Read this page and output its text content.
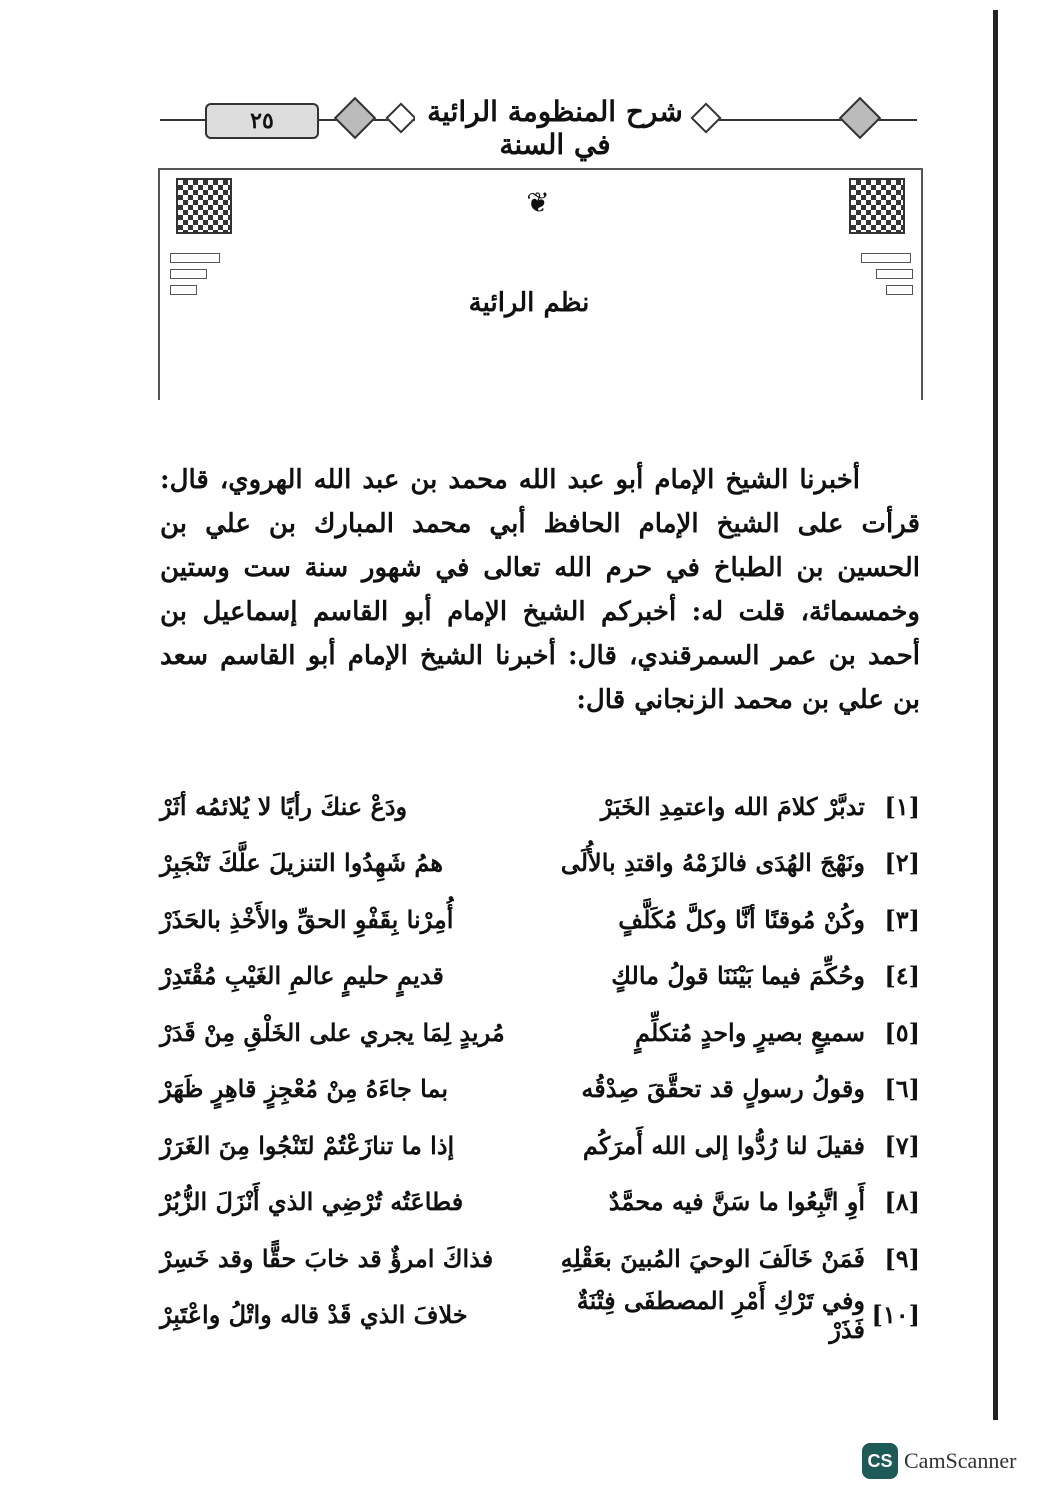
٢٥	شرح المنظومة الرائية في السنة
❦
نظم الرائية

أخبرنا الشيخ الإمام أبو عبد الله محمد بن عبد الله الهروي، قال: قرأت على الشيخ الإمام الحافظ أبي محمد المبارك بن علي بن الحسين بن الطباخ في حرم الله تعالى في شهور سنة ست وستين وخمسمائة، قلت له: أخبركم الشيخ الإمام أبو القاسم إسماعيل بن أحمد بن عمر السمرقندي، قال: أخبرنا الشيخ الإمام أبو القاسم سعد بن علي بن محمد الزنجاني قال:

[١]
تدبَّرْ كلامَ الله واعتمِدِ الخَبَرْ
ودَعْ عنكَ رأيًا لا يُلائمُه أثَرْ
[٢]
ونَهْجَ الهُدَى فالزَمْهُ واقتدِ بالأُلَى
همُ شَهِدُوا التنزيلَ علَّكَ تَنْجَبِرْ
[٣]
وكُنْ مُوقنًا أنَّا وكلَّ مُكَلَّفٍ
أُمِرْنا بِقَفْوِ الحقِّ والأَخْذِ بالحَذَرْ
[٤]
وحُكِّمَ فيما بَيْنَنَا قولُ مالكٍ
قديمٍ حليمٍ عالمِ الغَيْبِ مُقْتَدِرْ
[٥]
سميعٍ بصيرٍ واحدٍ مُتكلِّمٍ
مُريدٍ لِمَا يجري على الخَلْقِ مِنْ قَدَرْ
[٦]
وقولُ رسولٍ قد تحقَّقَ صِدْقُه
بما جاءَهُ مِنْ مُعْجِزٍ قاهِرٍ ظَهَرْ
[٧]
فقيلَ لنا رُدُّوا إلى الله أَمرَكُم
إذا ما تنازَعْتُمْ لتَنْجُوا مِنَ الغَرَرْ
[٨]
أَوِ اتَّبِعُوا ما سَنَّ فيه محمَّدٌ
فطاعَتُه تُرْضِي الذي أَنْزَلَ الزُّبُرْ
[٩]
فَمَنْ خَالَفَ الوحيَ المُبينَ بعَقْلِهِ
فذاكَ امرؤٌ قد خابَ حقًّا وقد خَسِرْ
[١٠]
وفي تَرْكِ أَمْرِ المصطفَى فِتْنَةٌ فَذَرْ
خلافَ الذي قَدْ قاله واتْلُ واعْتَبِرْ
CS CamScanner
